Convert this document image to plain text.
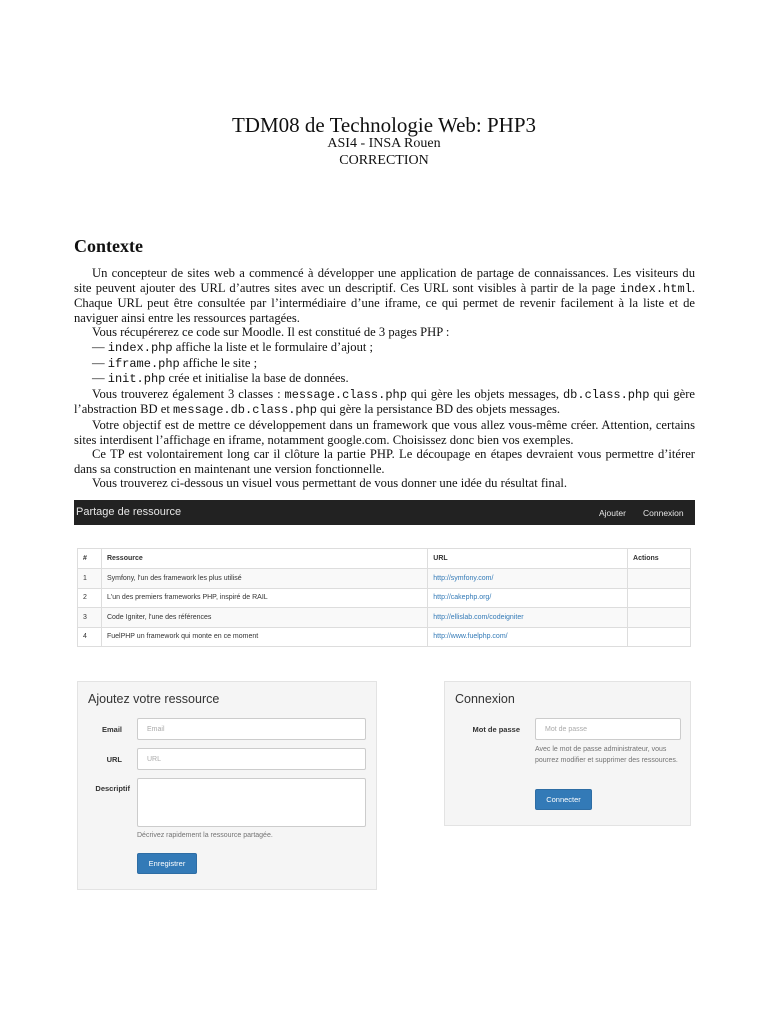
TDM08 de Technologie Web: PHP3
ASI4 - INSA Rouen
CORRECTION
Contexte

Un concepteur de sites web a commencé à développer une application de partage de connaissances. Les visiteurs du site peuvent ajouter des URL d’autres sites avec un descriptif. Ces URL sont visibles à partir de la page index.html. Chaque URL peut être consultée par l’intermédiaire d’une iframe, ce qui permet de revenir facilement à la liste et de naviguer ainsi entre les ressources partagées.

Vous récupérerez ce code sur Moodle. Il est constitué de 3 pages PHP :

— index.php affiche la liste et le formulaire d’ajout ;
— iframe.php affiche le site ;
— init.php crée et initialise la base de données.

Vous trouverez également 3 classes : message.class.php qui gère les objets messages, db.class.php qui gère l’abstraction BD et message.db.class.php qui gère la persistance BD des objets messages.

Votre objectif est de mettre ce développement dans un framework que vous allez vous-même créer. Attention, certains sites interdisent l’affichage en iframe, notamment google.com. Choisissez donc bien vos exemples.

Ce TP est volontairement long car il clôture la partie PHP. Le découpage en étapes devraient vous permettre d’itérer dans sa construction en maintenant une version fonctionnelle.

Vous trouverez ci-dessous un visuel vous permettant de vous donner une idée du résultat final.

Partage de ressource	Ajouter Connexion
#	Ressource	URL	Actions
1	Symfony, l'un des framework les plus utilisé	http://symfony.com/	
2	L'un des premiers frameworks PHP, inspiré de RAIL	http://cakephp.org/	
3	Code Igniter, l'une des références	http://ellislab.com/codeigniter	
4	FuelPHP un framework qui monte en ce moment	http://www.fuelphp.com/	
Ajoutez votre ressource
Email	Email
URL	URL
Descriptif
Décrivez rapidement la ressource partagée.
Enregistrer
Connexion
Mot de passe	Mot de passe
Avec le mot de passe administrateur, vous pourrez modifier et supprimer des ressources.
Connecter
